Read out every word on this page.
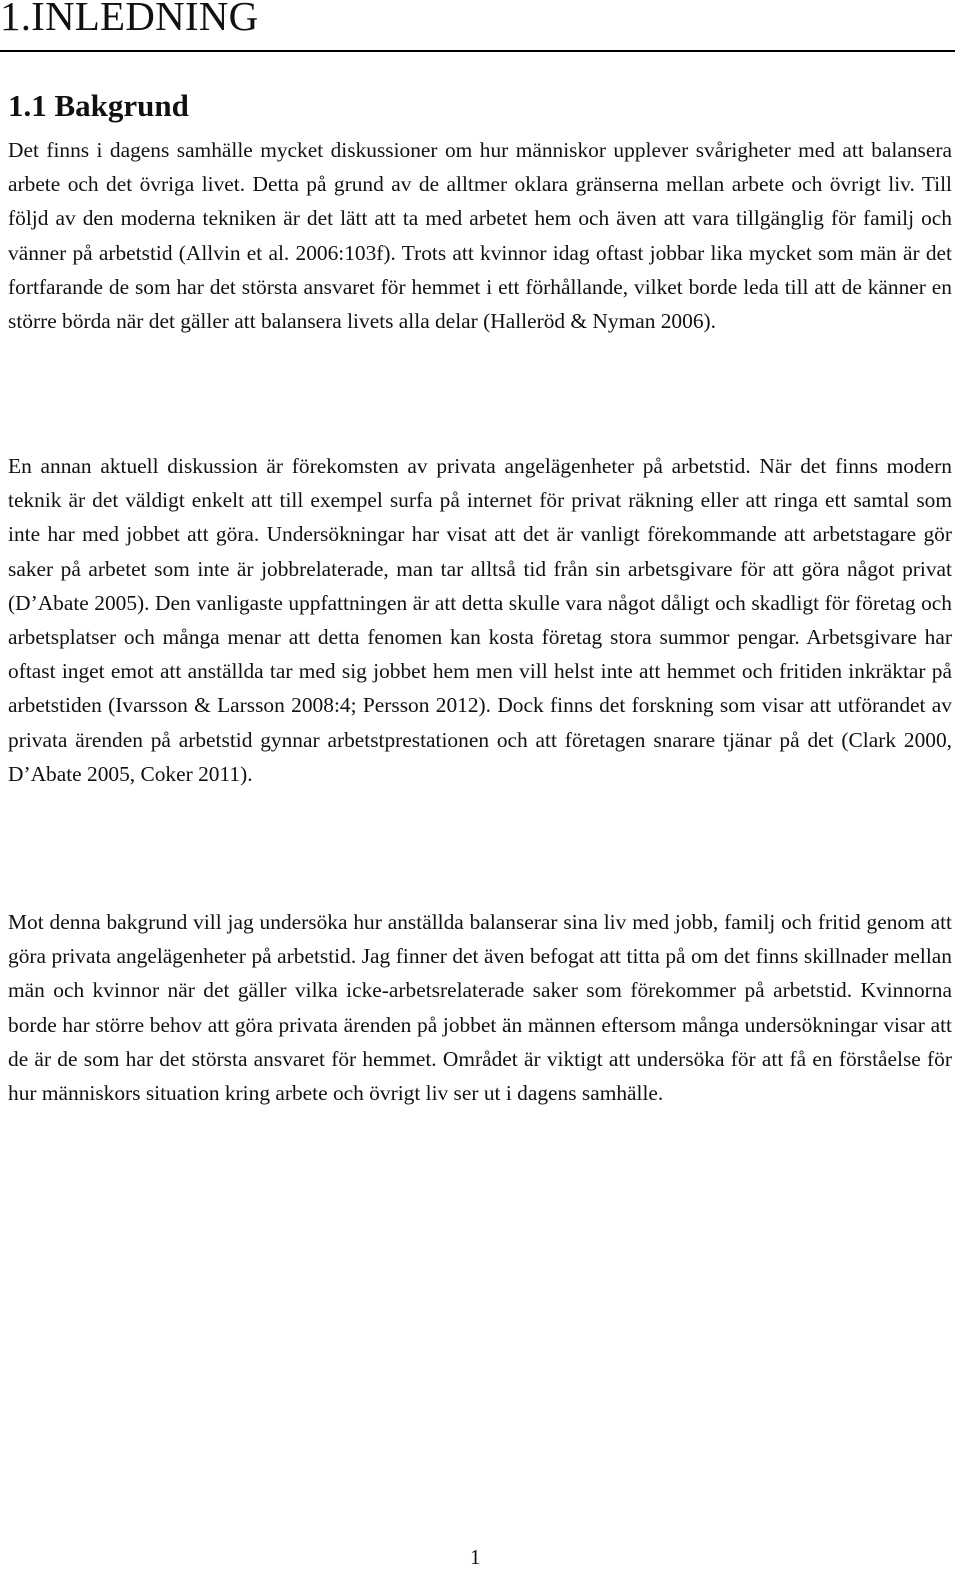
1.INLEDNING
1.1 Bakgrund

Det finns i dagens samhälle mycket diskussioner om hur människor upplever svårigheter med att balansera arbete och det övriga livet. Detta på grund av de alltmer oklara gränserna mellan arbete och övrigt liv. Till följd av den moderna tekniken är det lätt att ta med arbetet hem och även att vara tillgänglig för familj och vänner på arbetstid (Allvin et al. 2006:103f). Trots att kvinnor idag oftast jobbar lika mycket som män är det fortfarande de som har det största ansvaret för hemmet i ett förhållande, vilket borde leda till att de känner en större börda när det gäller att balansera livets alla delar (Halleröd & Nyman 2006).

En annan aktuell diskussion är förekomsten av privata angelägenheter på arbetstid. När det finns modern teknik är det väldigt enkelt att till exempel surfa på internet för privat räkning eller att ringa ett samtal som inte har med jobbet att göra. Undersökningar har visat att det är vanligt förekommande att arbetstagare gör saker på arbetet som inte är jobbrelaterade, man tar alltså tid från sin arbetsgivare för att göra något privat (D’Abate 2005). Den vanligaste uppfattningen är att detta skulle vara något dåligt och skadligt för företag och arbetsplatser och många menar att detta fenomen kan kosta företag stora summor pengar. Arbetsgivare har oftast inget emot att anställda tar med sig jobbet hem men vill helst inte att hemmet och fritiden inkräktar på arbetstiden (Ivarsson & Larsson 2008:4; Persson 2012). Dock finns det forskning som visar att utförandet av privata ärenden på arbetstid gynnar arbetstprestationen och att företagen snarare tjänar på det (Clark 2000, D’Abate 2005, Coker 2011).

Mot denna bakgrund vill jag undersöka hur anställda balanserar sina liv med jobb, familj och fritid genom att göra privata angelägenheter på arbetstid. Jag finner det även befogat att titta på om det finns skillnader mellan män och kvinnor när det gäller vilka icke-arbetsrelaterade saker som förekommer på arbetstid. Kvinnorna borde har större behov att göra privata ärenden på jobbet än männen eftersom många undersökningar visar att de är de som har det största ansvaret för hemmet. Området är viktigt att undersöka för att få en förståelse för hur människors situation kring arbete och övrigt liv ser ut i dagens samhälle.

1
